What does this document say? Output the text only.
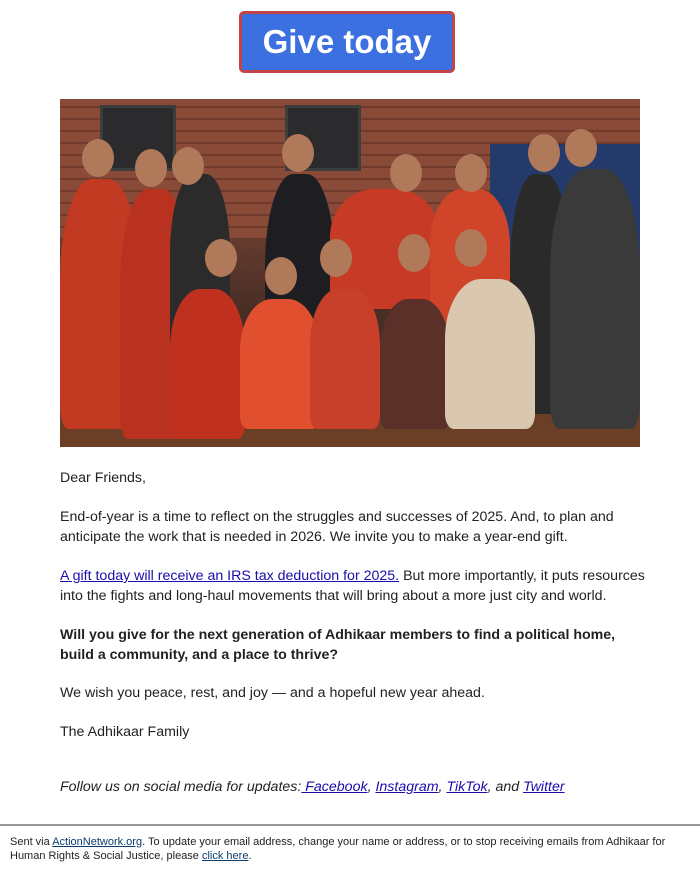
Give today
Dear Friends,
End-of-year is a time to reflect on the struggles and successes of 2025. And, to plan and anticipate the work that is needed in 2026. We invite you to make a year-end gift.
A gift today will receive an IRS tax deduction for 2025. But more importantly, it puts resources into the fights and long-haul movements that will bring about a more just city and world.
Will you give for the next generation of Adhikaar members to find a political home, build a community, and a place to thrive?
We wish you peace, rest, and joy — and a hopeful new year ahead.
The Adhikaar Family
Follow us on social media for updates: Facebook, Instagram, TikTok, and Twitter
Sent via ActionNetwork.org. To update your email address, change your name or address, or to stop receiving emails from Adhikaar for Human Rights & Social Justice, please click here.
